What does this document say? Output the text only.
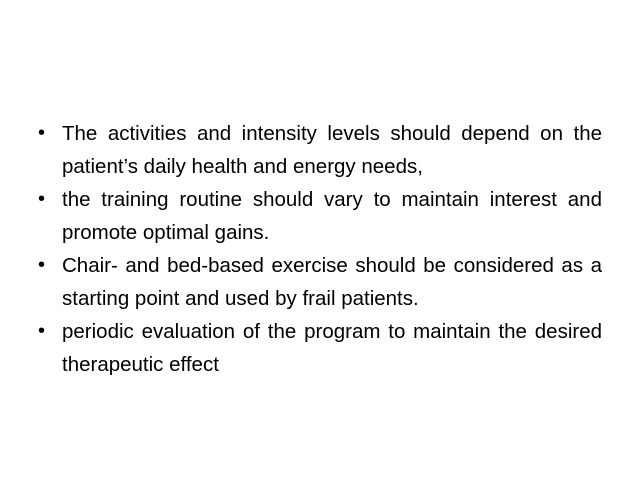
• The activities and intensity levels should depend on the patient’s daily health and energy needs,
• the training routine should vary to maintain interest and promote optimal gains.
• Chair- and bed-based exercise should be considered as a starting point and used by frail patients.
• periodic evaluation of the program to maintain the desired therapeutic effect
